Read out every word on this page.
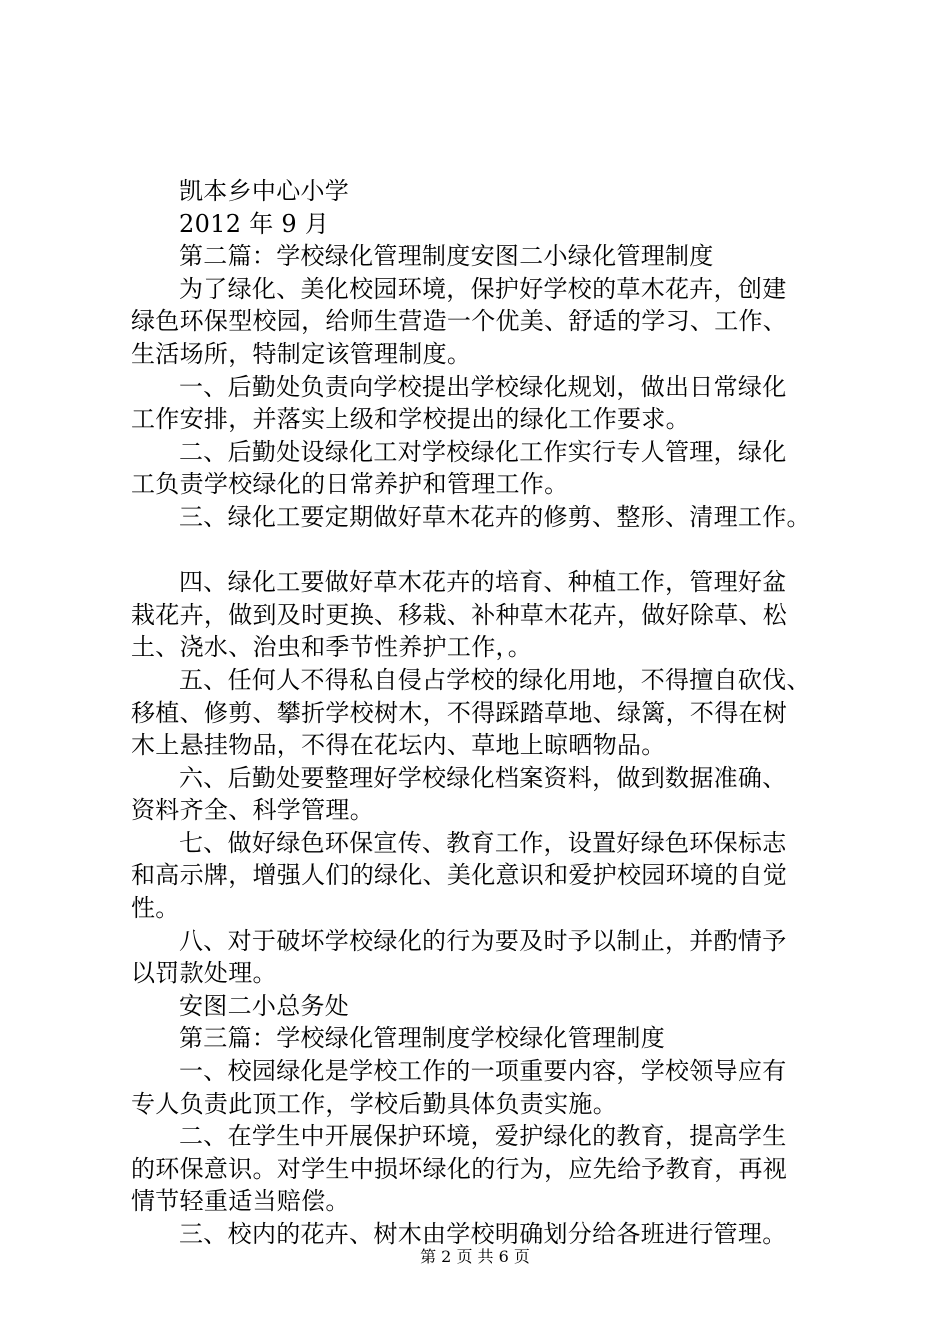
凯本乡中心小学

2012 年 9 月

第二篇：学校绿化管理制度安图二小绿化管理制度

为了绿化、美化校园环境，保护好学校的草木花卉，创建
绿色环保型校园，给师生营造一个优美、舒适的学习、工作、
生活场所，特制定该管理制度。

一、后勤处负责向学校提出学校绿化规划，做出日常绿化
工作安排，并落实上级和学校提出的绿化工作要求。

二、后勤处设绿化工对学校绿化工作实行专人管理，绿化
工负责学校绿化的日常养护和管理工作。

三、绿化工要定期做好草木花卉的修剪、整形、清理工作。

四、绿化工要做好草木花卉的培育、种植工作，管理好盆
栽花卉，做到及时更换、移栽、补种草木花卉，做好除草、松
土、浇水、治虫和季节性养护工作，。

五、任何人不得私自侵占学校的绿化用地，不得擅自砍伐、
移植、修剪、攀折学校树木，不得踩踏草地、绿篱，不得在树
木上悬挂物品，不得在花坛内、草地上晾晒物品。

六、后勤处要整理好学校绿化档案资料，做到数据准确、
资料齐全、科学管理。

七、做好绿色环保宣传、教育工作，设置好绿色环保标志
和高示牌，增强人们的绿化、美化意识和爱护校园环境的自觉
性。

八、对于破坏学校绿化的行为要及时予以制止，并酌情予
以罚款处理。

安图二小总务处

第三篇：学校绿化管理制度学校绿化管理制度

一、校园绿化是学校工作的一项重要内容，学校领导应有
专人负责此顶工作，学校后勤具体负责实施。

二、在学生中开展保护环境，爱护绿化的教育，提高学生
的环保意识。对学生中损坏绿化的行为，应先给予教育，再视
情节轻重适当赔偿。

三、校内的花卉、树木由学校明确划分给各班进行管理。

第 2 页 共 6 页
